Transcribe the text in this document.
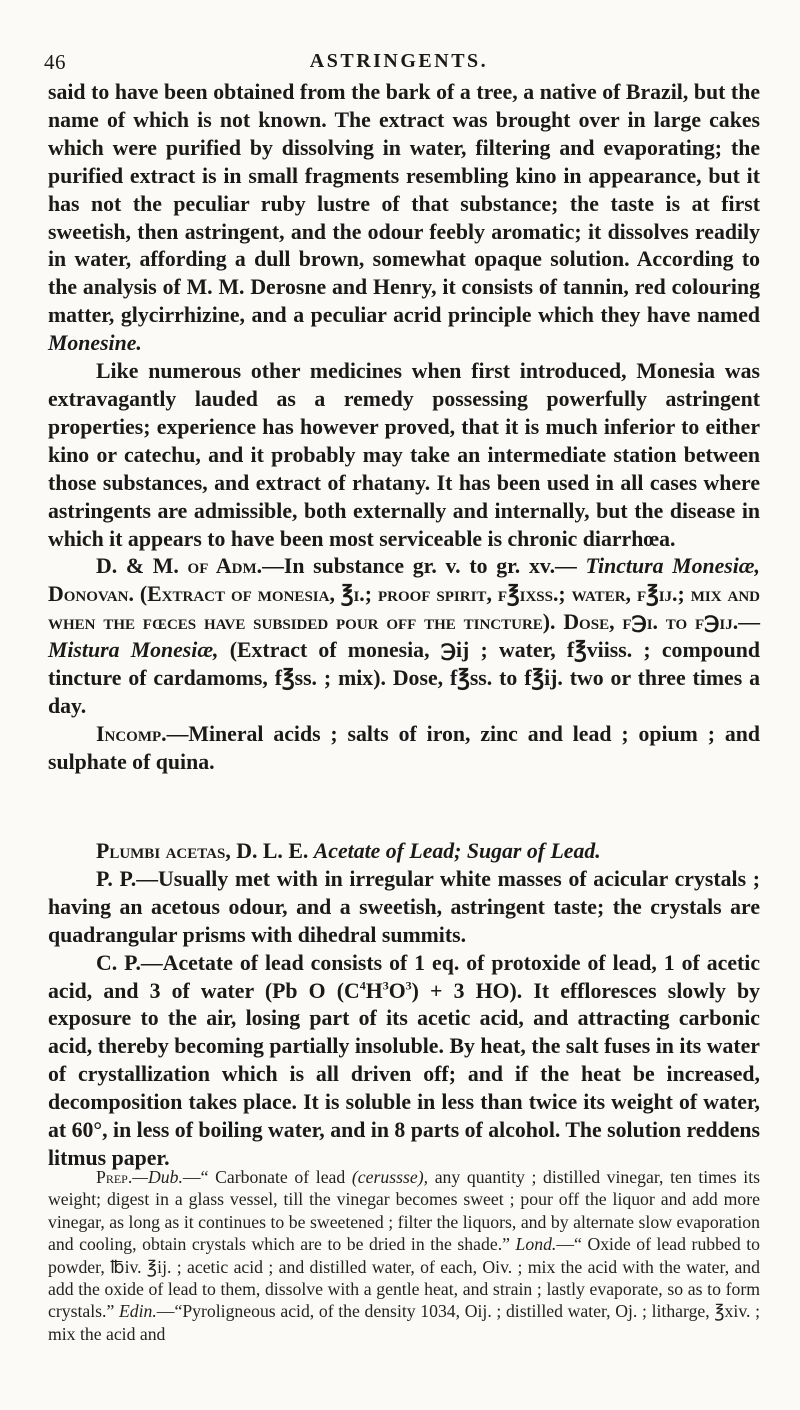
46	ASTRINGENTS.

said to have been obtained from the bark of a tree, a native of Brazil, but the name of which is not known. The extract was brought over in large cakes which were purified by dissolving in water, filtering and evaporating; the purified extract is in small fragments resembling kino in appearance, but it has not the peculiar ruby lustre of that substance; the taste is at first sweetish, then astringent, and the odour feebly aromatic; it dissolves readily in water, affording a dull brown, somewhat opaque solution. According to the analysis of M. M. Derosne and Henry, it consists of tannin, red colouring matter, glycirrhizine, and a peculiar acrid principle which they have named Monesine.

Like numerous other medicines when first introduced, Monesia was extravagantly lauded as a remedy possessing powerfully astringent properties; experience has however proved, that it is much inferior to either kino or catechu, and it probably may take an intermediate station between those substances, and extract of rhatany. It has been used in all cases where astringents are admissible, both externally and internally, but the disease in which it appears to have been most serviceable is chronic diarrhœa.

D. & M. of Adm.—In substance gr. v. to gr. xv.— Tinctura Monesiæ, Donovan. (Extract of monesia, ℥i.; proof spirit, f℥ixss.; water, f℥ij.; mix and when the fœces have subsided pour off the tincture). Dose, f℈i. to f℈ij.—Mistura Monesiæ, (Extract of monesia, ℈ij ; water, f℥viiss. ; compound tincture of cardamoms, f℥ss. ; mix). Dose, f℥ss. to f℥ij. two or three times a day.

Incomp.—Mineral acids ; salts of iron, zinc and lead ; opium ; and sulphate of quina.

Plumbi acetas, D. L. E. Acetate of Lead; Sugar of Lead.

P. P.—Usually met with in irregular white masses of acicular crystals ; having an acetous odour, and a sweetish, astringent taste; the crystals are quadrangular prisms with dihedral summits.

C. P.—Acetate of lead consists of 1 eq. of protoxide of lead, 1 of acetic acid, and 3 of water (Pb O $(C^4H^3O^3) + 3$ HO). It effloresces slowly by exposure to the air, losing part of its acetic acid, and attracting carbonic acid, thereby becoming partially insoluble. By heat, the salt fuses in its water of crystallization which is all driven off; and if the heat be increased, decomposition takes place. It is soluble in less than twice its weight of water, at 60°, in less of boiling water, and in 8 parts of alcohol. The solution reddens litmus paper.

Prep.—Dub.—“ Carbonate of lead (cerussse), any quantity ; distilled vinegar, ten times its weight; digest in a glass vessel, till the vinegar becomes sweet ; pour off the liquor and add more vinegar, as long as it continues to be sweetened ; filter the liquors, and by alternate slow evaporation and cooling, obtain crystals which are to be dried in the shade.” Lond.—“ Oxide of lead rubbed to powder, ℔iv. ℥ij. ; acetic acid ; and distilled water, of each, Oiv. ; mix the acid with the water, and add the oxide of lead to them, dissolve with a gentle heat, and strain ; lastly evaporate, so as to form crystals.” Edin.—“Pyroligneous acid, of the density 1034, Oij. ; distilled water, Oj. ; litharge, ℥xiv. ; mix the acid and
